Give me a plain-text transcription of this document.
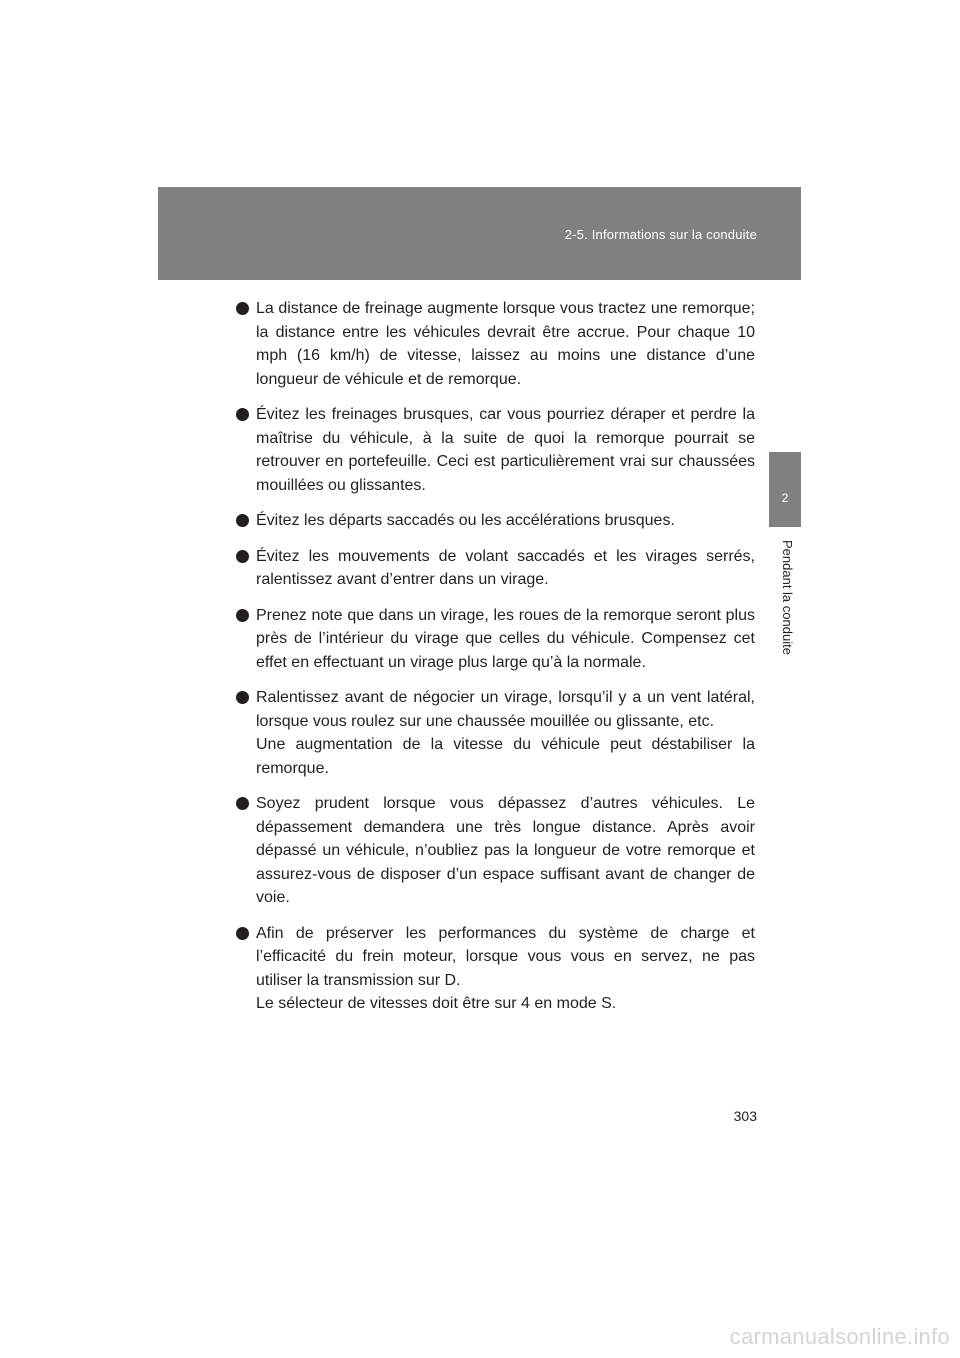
2-5. Informations sur la conduite
2
Pendant la conduite
La distance de freinage augmente lorsque vous tractez une remorque; la distance entre les véhicules devrait être accrue. Pour chaque 10 mph (16 km/h) de vitesse, laissez au moins une distance d’une longueur de véhicule et de remorque.
Évitez les freinages brusques, car vous pourriez déraper et perdre la maîtrise du véhicule, à la suite de quoi la remorque pourrait se retrouver en portefeuille. Ceci est particulièrement vrai sur chaussées mouillées ou glissantes.
Évitez les départs saccadés ou les accélérations brusques.
Évitez les mouvements de volant saccadés et les virages serrés, ralentissez avant d’entrer dans un virage.
Prenez note que dans un virage, les roues de la remorque seront plus près de l’intérieur du virage que celles du véhicule. Compensez cet effet en effectuant un virage plus large qu’à la normale.
Ralentissez avant de négocier un virage, lorsqu’il y a un vent latéral, lorsque vous roulez sur une chaussée mouillée ou glissante, etc.
Une augmentation de la vitesse du véhicule peut déstabiliser la remorque.
Soyez prudent lorsque vous dépassez d’autres véhicules. Le dépassement demandera une très longue distance. Après avoir dépassé un véhicule, n’oubliez pas la longueur de votre remorque et assurez-vous de disposer d’un espace suffisant avant de changer de voie.
Afin de préserver les performances du système de charge et l’efficacité du frein moteur, lorsque vous vous en servez, ne pas utiliser la transmission sur D.
Le sélecteur de vitesses doit être sur 4 en mode S.
303
carmanualsonline.info
